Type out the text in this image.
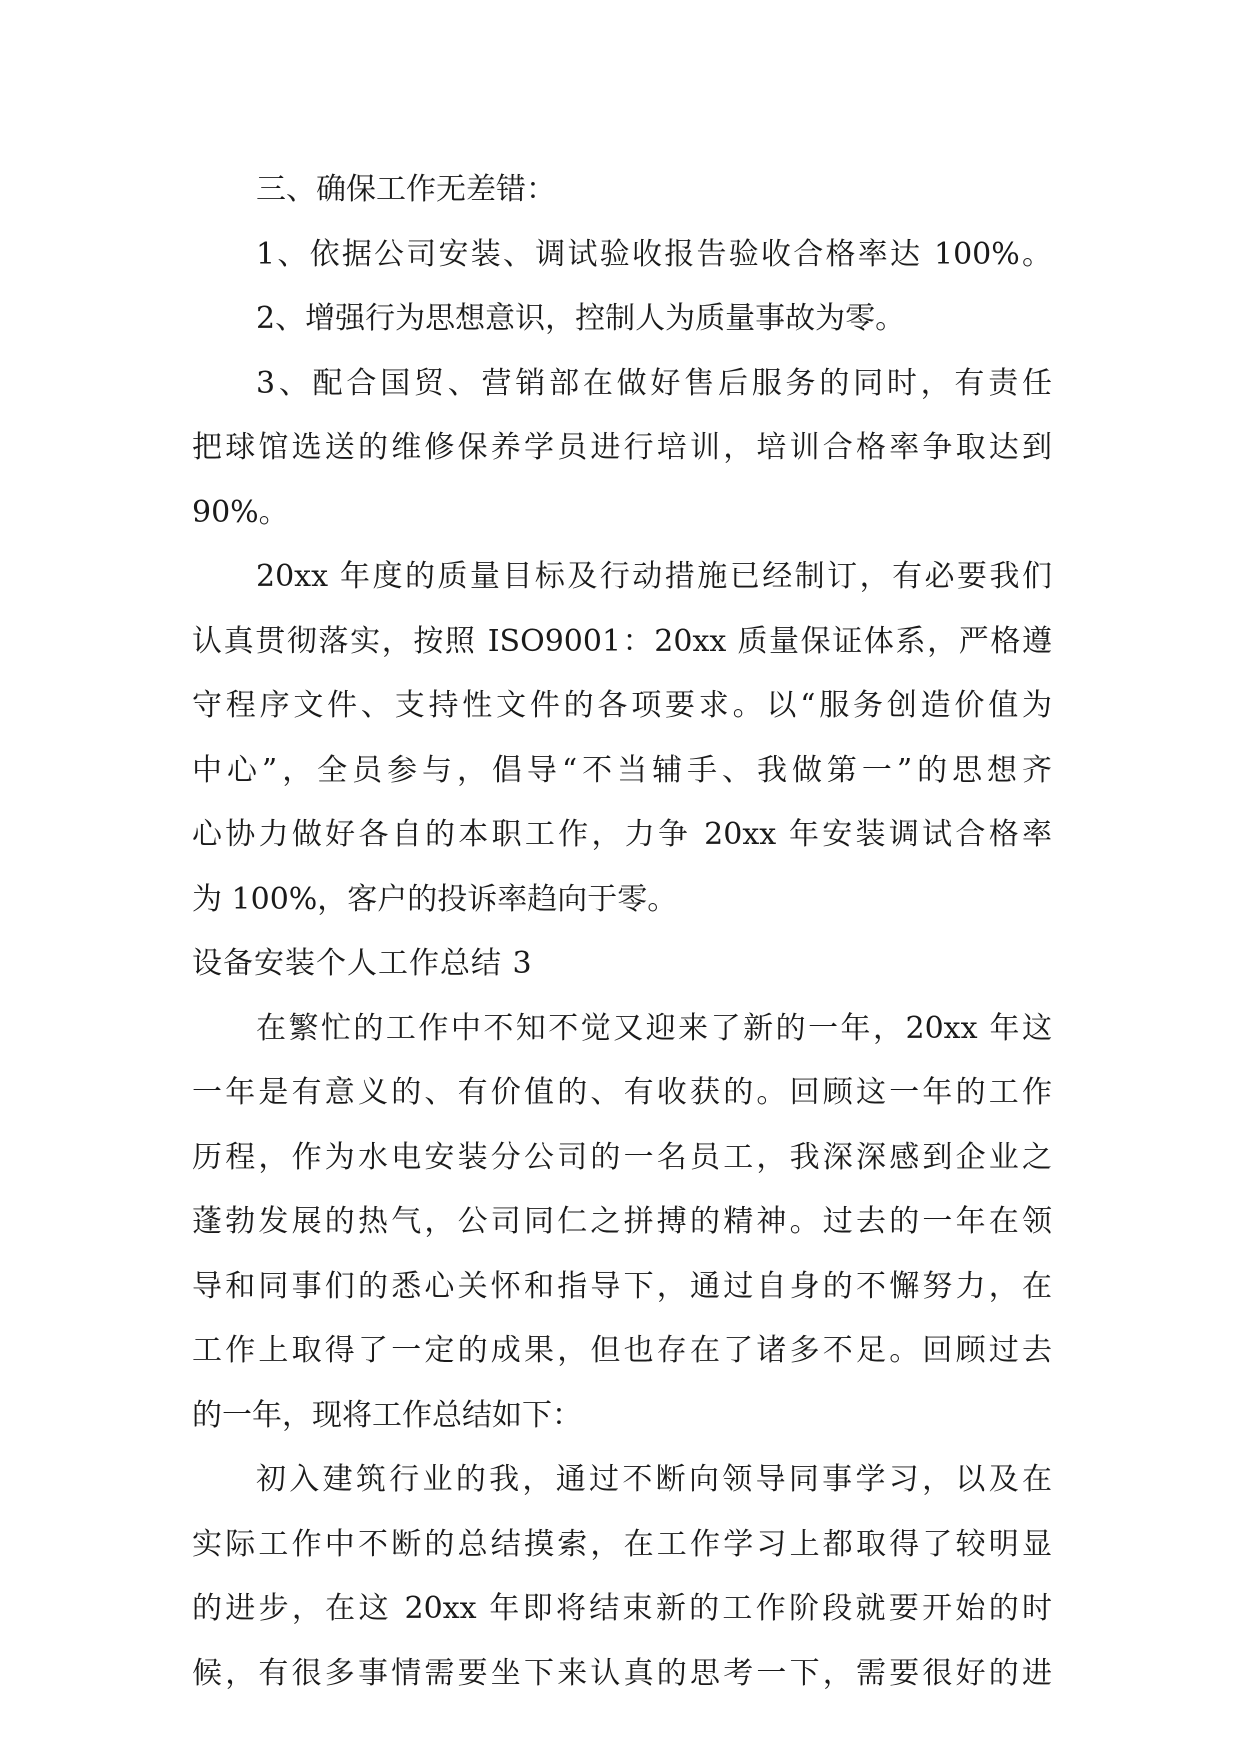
三、确保工作无差错：
1、依据公司安装、调试验收报告验收合格率达 100%。
2、增强行为思想意识，控制人为质量事故为零。
3、配合国贸、营销部在做好售后服务的同时，有责任
把球馆选送的维修保养学员进行培训，培训合格率争取达到
90%。
20xx 年度的质量目标及行动措施已经制订，有必要我们
认真贯彻落实，按照 ISO9001：20xx 质量保证体系，严格遵
守程序文件、支持性文件的各项要求。以“服务创造价值为
中心”，全员参与，倡导“不当辅手、我做第一”的思想齐
心协力做好各自的本职工作，力争 20xx 年安装调试合格率
为 100%，客户的投诉率趋向于零。
设备安装个人工作总结 3
在繁忙的工作中不知不觉又迎来了新的一年，20xx 年这
一年是有意义的、有价值的、有收获的。回顾这一年的工作
历程，作为水电安装分公司的一名员工，我深深感到企业之
蓬勃发展的热气，公司同仁之拼搏的精神。过去的一年在领
导和同事们的悉心关怀和指导下，通过自身的不懈努力，在
工作上取得了一定的成果，但也存在了诸多不足。回顾过去
的一年，现将工作总结如下：
初入建筑行业的我，通过不断向领导同事学习，以及在
实际工作中不断的总结摸索，在工作学习上都取得了较明显
的进步，在这 20xx 年即将结束新的工作阶段就要开始的时
候，有很多事情需要坐下来认真的思考一下，需要很好的进
